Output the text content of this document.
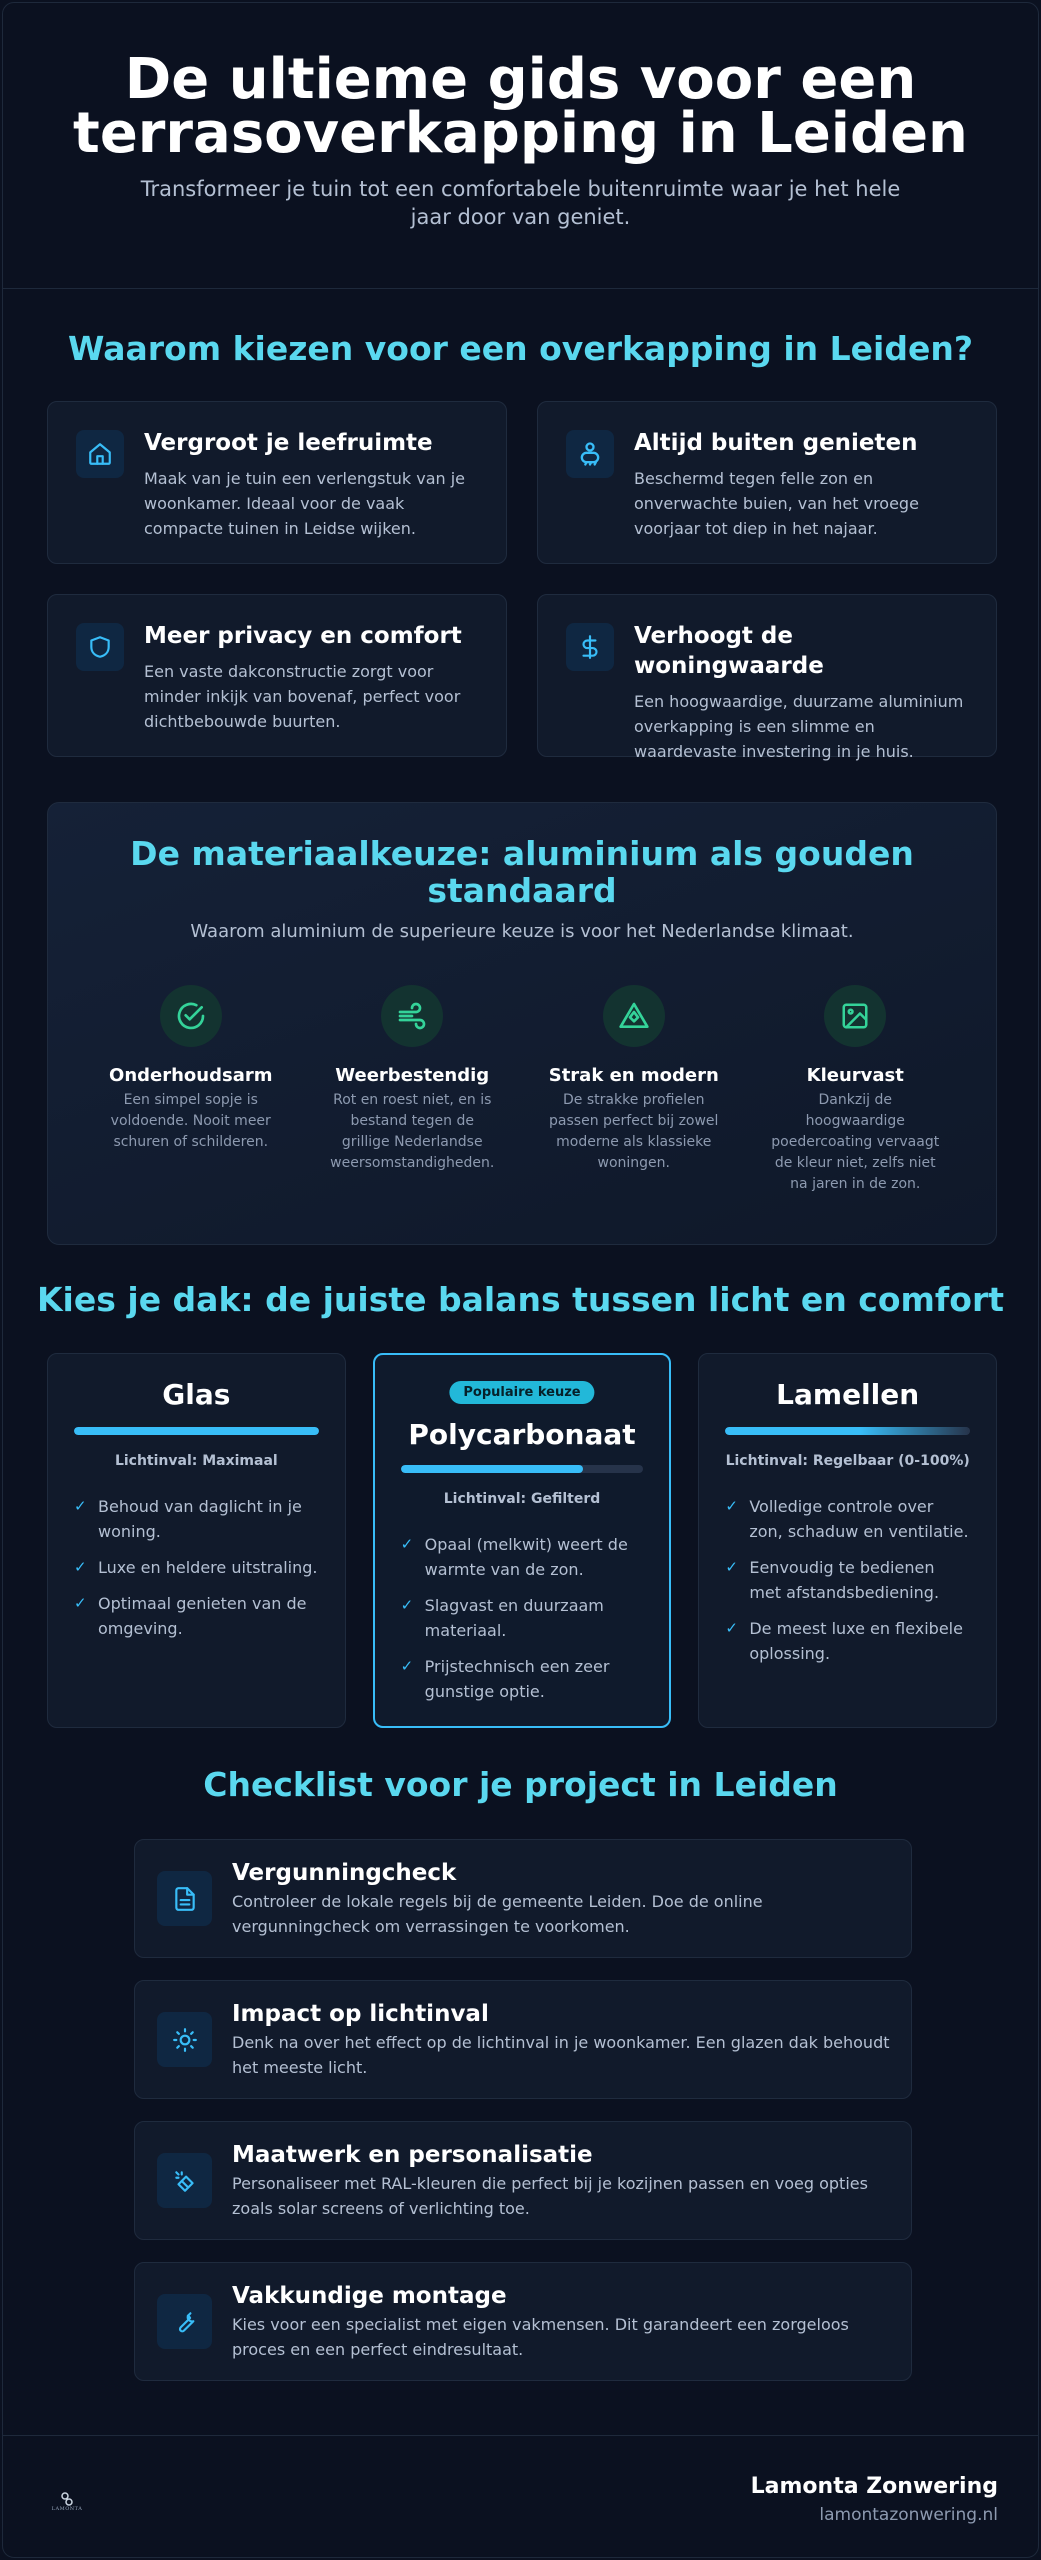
De ultieme gids voor een
terrasoverkapping in Leiden

Transformeer je tuin tot een comfortabele buitenruimte waar je het hele jaar door van geniet.

Waarom kiezen voor een overkapping in Leiden?
Vergroot je leefruimte

Maak van je tuin een verlengstuk van je woonkamer. Ideaal voor de vaak compacte tuinen in Leidse wijken.

Altijd buiten genieten

Beschermd tegen felle zon en onverwachte buien, van het vroege voorjaar tot diep in het najaar.

Meer privacy en comfort

Een vaste dakconstructie zorgt voor minder inkijk van bovenaf, perfect voor dichtbebouwde buurten.

Verhoogt de woningwaarde

Een hoogwaardige, duurzame aluminium overkapping is een slimme en waardevaste investering in je huis.

De materiaalkeuze: aluminium als gouden standaard

Waarom aluminium de superieure keuze is voor het Nederlandse klimaat.

Onderhoudsarm

Een simpel sopje is voldoende. Nooit meer schuren of schilderen.

Weerbestendig

Rot en roest niet, en is bestand tegen de grillige Nederlandse weersomstandigheden.

Strak en modern

De strakke profielen passen perfect bij zowel moderne als klassieke woningen.

Kleurvast

Dankzij de hoogwaardige poedercoating vervaagt de kleur niet, zelfs niet na jaren in de zon.

Kies je dak: de juiste balans tussen licht en comfort
Glas
Lichtinval: Maximaal
✓ Behoud van daglicht in je woning.
✓ Luxe en heldere uitstraling.
✓ Optimaal genieten van de omgeving.
Populaire keuze
Polycarbonaat
Lichtinval: Gefilterd
✓ Opaal (melkwit) weert de warmte van de zon.
✓ Slagvast en duurzaam materiaal.
✓ Prijstechnisch een zeer gunstige optie.
Lamellen
Lichtinval: Regelbaar (0-100%)
✓ Volledige controle over zon, schaduw en ventilatie.
✓ Eenvoudig te bedienen met afstandsbediening.
✓ De meest luxe en flexibele oplossing.
Checklist voor je project in Leiden
Vergunningcheck

Controleer de lokale regels bij de gemeente Leiden. Doe de online vergunningcheck om verrassingen te voorkomen.

Impact op lichtinval

Denk na over het effect op de lichtinval in je woonkamer. Een glazen dak behoudt het meeste licht.

Maatwerk en personalisatie

Personaliseer met RAL-kleuren die perfect bij je kozijnen passen en voeg opties zoals solar screens of verlichting toe.

Vakkundige montage

Kies voor een specialist met eigen vakmensen. Dit garandeert een zorgeloos proces en een perfect eindresultaat.

LAMONTA
Lamonta Zonwering
lamontazonwering.nl
